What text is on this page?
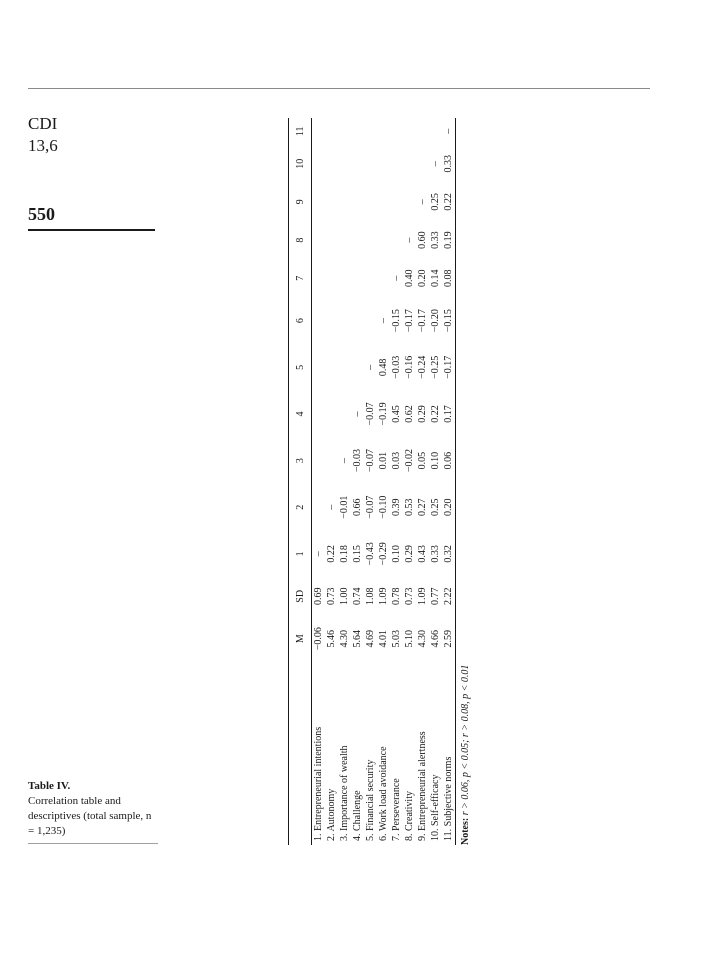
CDI
13,6
550
Table IV.
Correlation table and descriptives (total sample, n = 1,235)
	M	SD	1	2	3	4	5	6	7	8	9	10	11
1. Entrepreneurial intentions	−0.06	0.69	–										
2. Autonomy	5.46	0.73	0.22	–									
3. Importance of wealth	4.30	1.00	0.18	−0.01	–								
4. Challenge	5.64	0.74	0.15	0.66	−0.03	–							
5. Financial security	4.69	1.08	−0.43	−0.07	−0.07	−0.07	–						
6. Work load avoidance	4.01	1.09	−0.29	−0.10	0.01	−0.19	0.48	–					
7. Perseverance	5.03	0.78	0.10	0.39	0.03	0.45	−0.03	−0.15	–				
8. Creativity	5.10	0.73	0.29	0.53	−0.02	0.62	−0.16	−0.17	0.40	–			
9. Entrepreneurial alertness	4.30	1.09	0.43	0.27	0.05	0.29	−0.24	−0.17	0.20	0.60	–		
10. Self-efficacy	4.66	0.77	0.33	0.25	0.10	0.22	−0.25	−0.20	0.14	0.33	0.25	–	
11. Subjective norms	2.59	2.22	0.32	0.20	0.06	0.17	−0.17	−0.15	0.08	0.19	0.22	0.33	–
Notes: r > 0.06, p < 0.05; r > 0.08, p < 0.01
